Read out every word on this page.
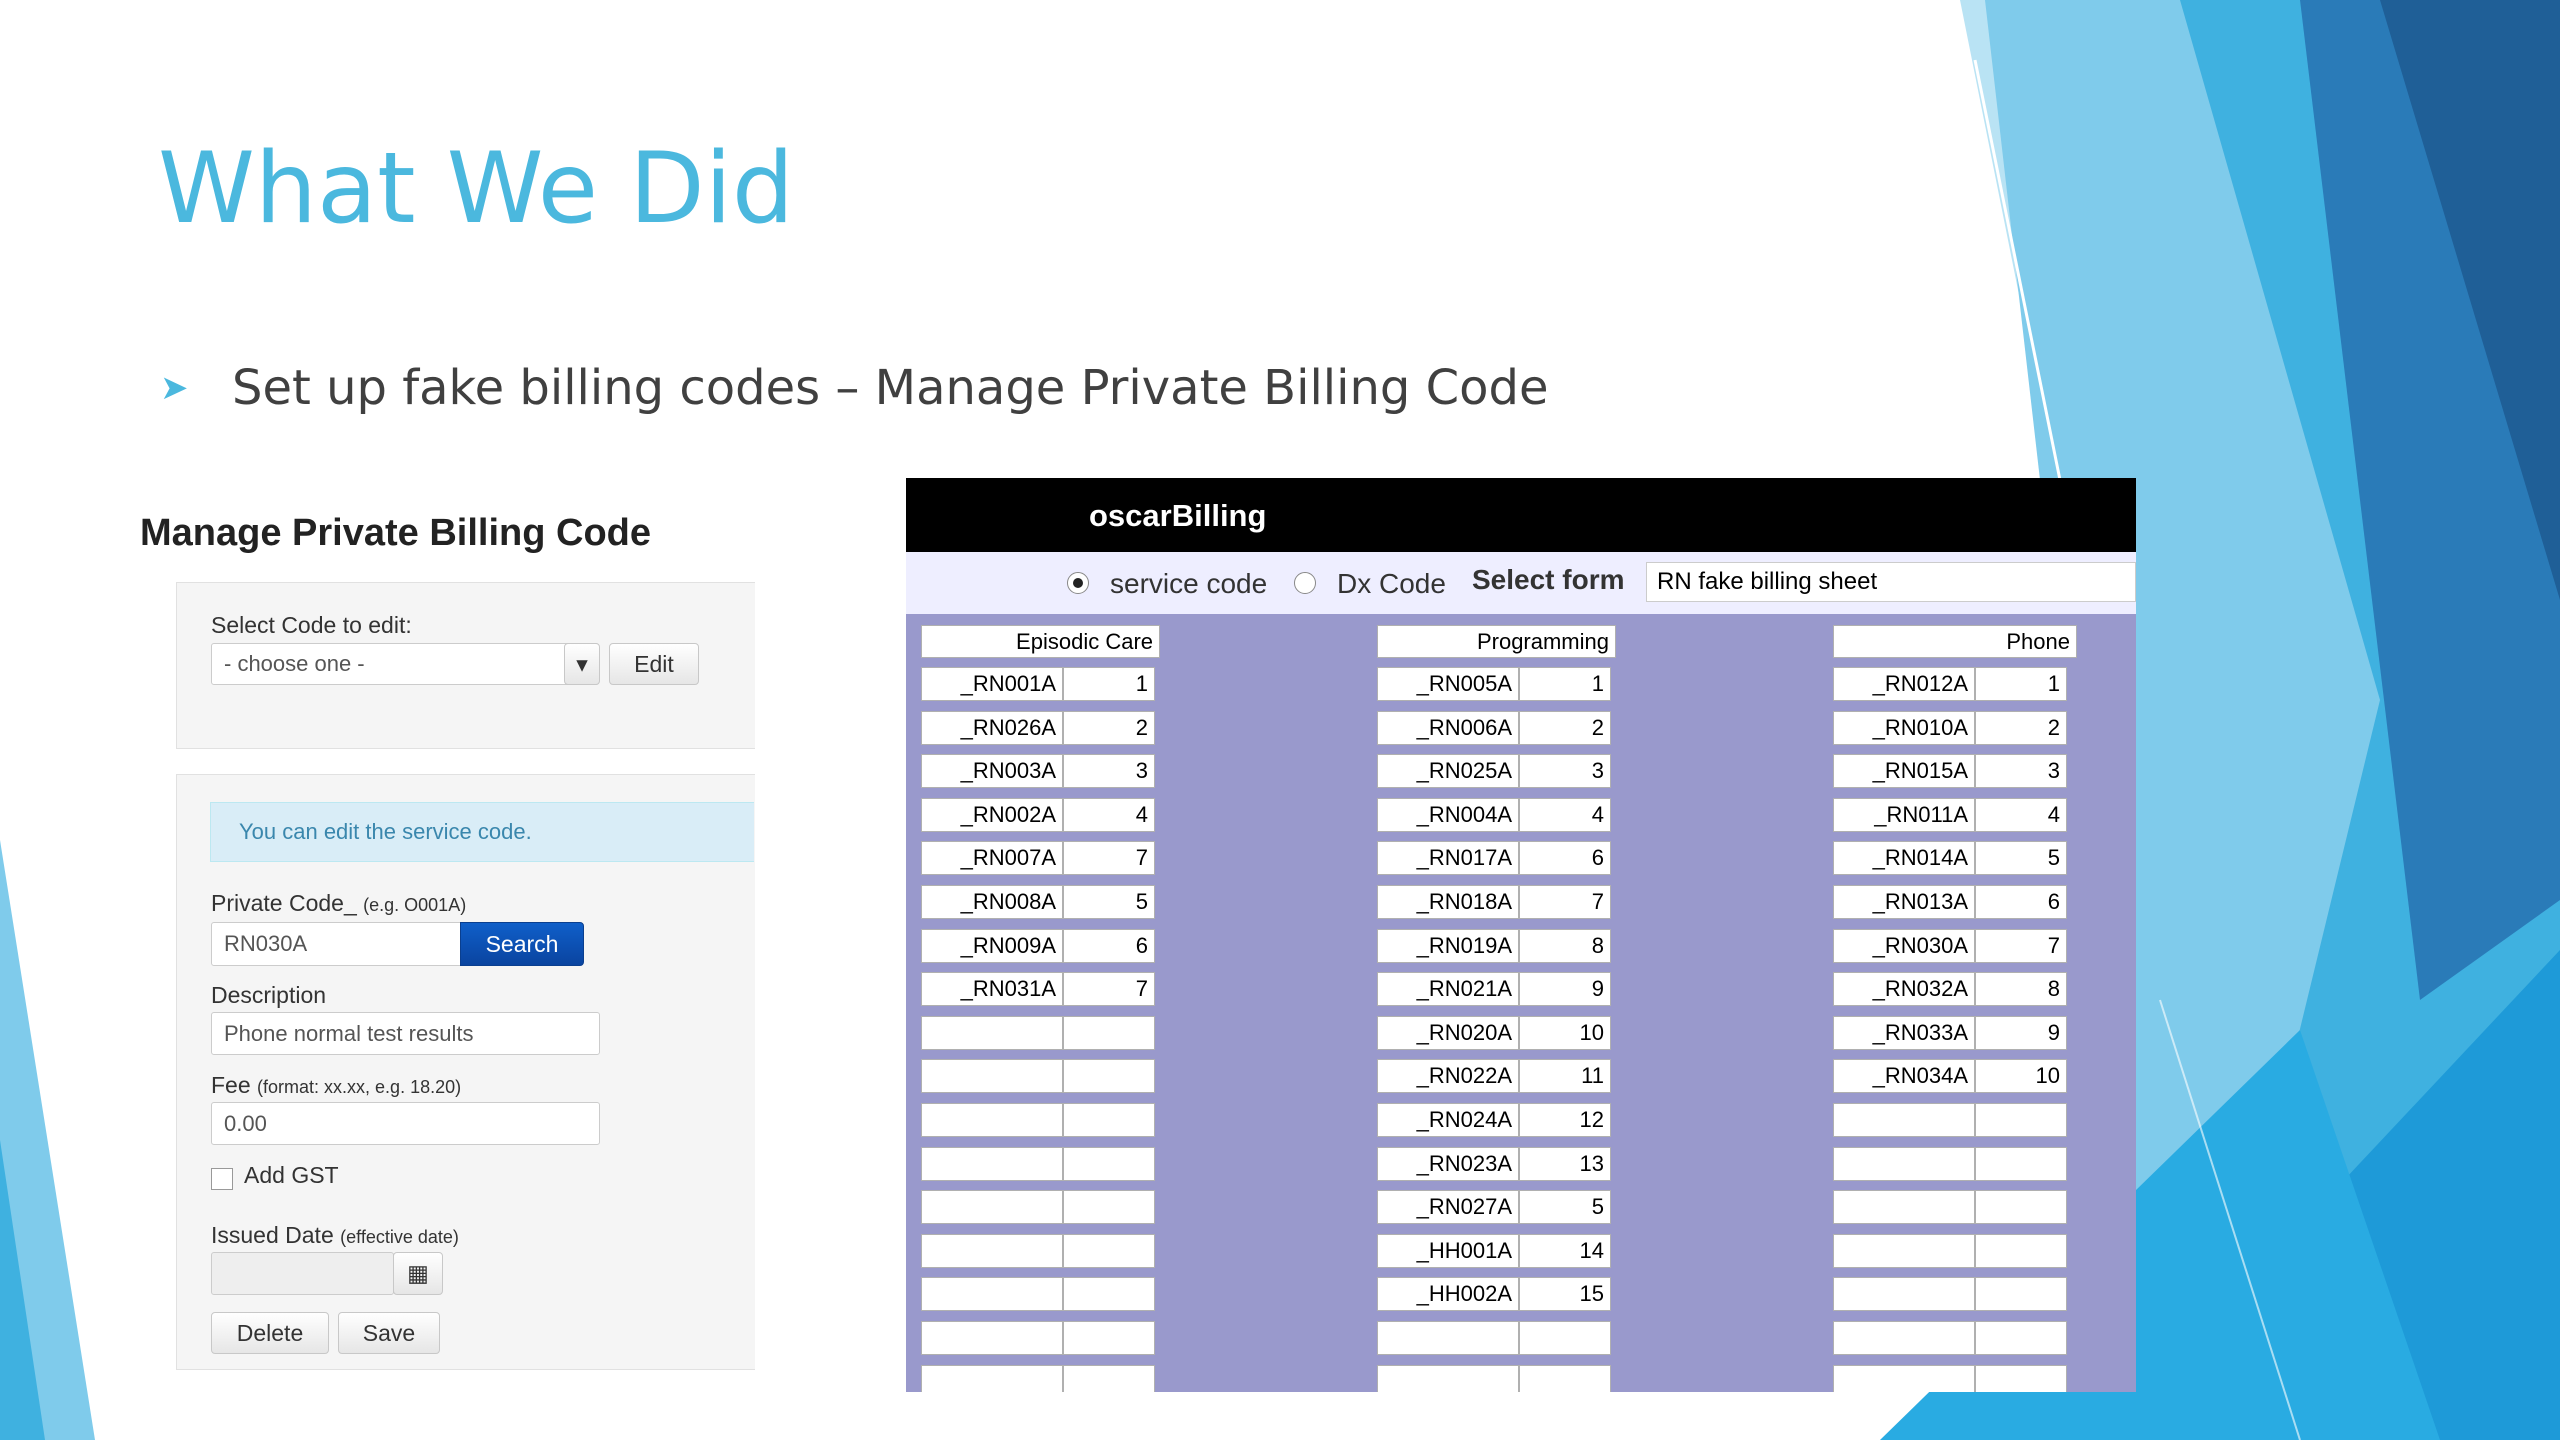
What We Did
➤ Set up fake billing codes – Manage Private Billing Code
Manage Private Billing Code
Select Code to edit:
- choose one -	▾	Edit
You can edit the service code.
Private Code_ (e.g. O001A)
RN030A	Search
Description
Phone normal test results
Fee (format: xx.xx, e.g. 18.20)
0.00
Add GST
Issued Date (effective date)
▦
Delete	Save
oscarBilling
service code Dx Code Select form RN fake billing sheet
Episodic Care
_RN001A	1
_RN026A	2
_RN003A	3
_RN002A	4
_RN007A	7
_RN008A	5
_RN009A	6
_RN031A	7
Programming
_RN005A	1
_RN006A	2
_RN025A	3
_RN004A	4
_RN017A	6
_RN018A	7
_RN019A	8
_RN021A	9
_RN020A	10
_RN022A	11
_RN024A	12
_RN023A	13
_RN027A	5
_HH001A	14
_HH002A	15
Phone
_RN012A	1
_RN010A	2
_RN015A	3
_RN011A	4
_RN014A	5
_RN013A	6
_RN030A	7
_RN032A	8
_RN033A	9
_RN034A	10
